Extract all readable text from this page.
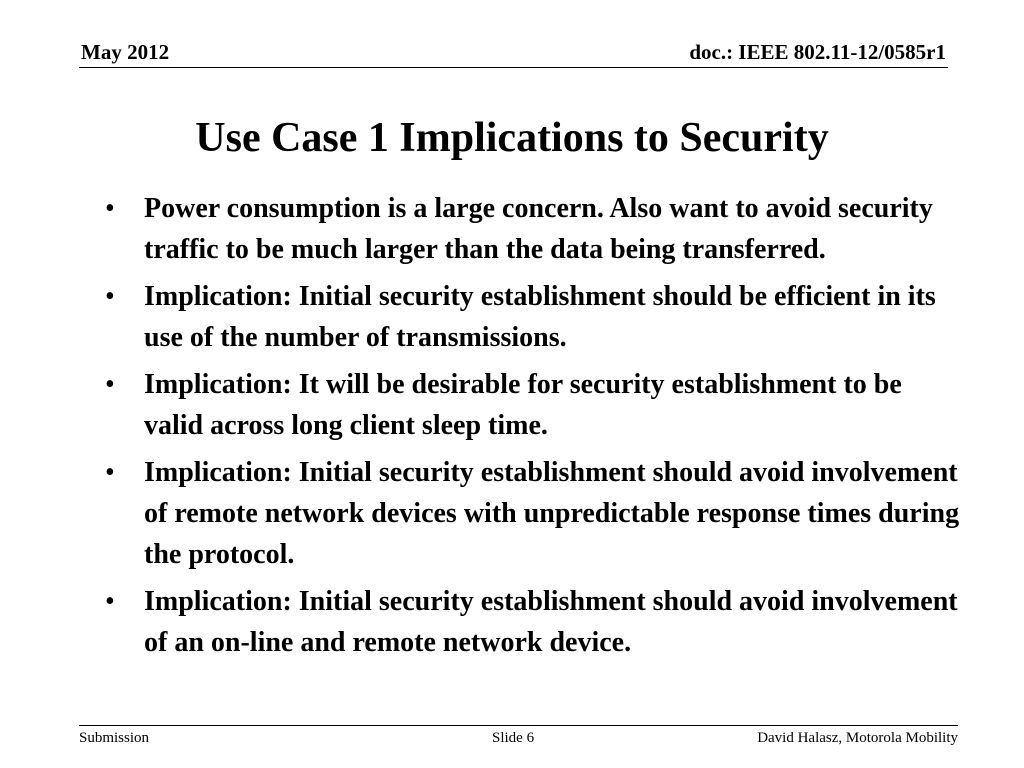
May 2012	doc.: IEEE 802.11-12/0585r1
Use Case 1 Implications to Security
• Power consumption is a large concern. Also want to avoid security traffic to be much larger than the data being transferred.
• Implication: Initial security establishment should be efficient in its use of the number of transmissions.
• Implication: It will be desirable for security establishment to be valid across long client sleep time.
• Implication: Initial security establishment should avoid involvement of remote network devices with unpredictable response times during the protocol.
• Implication: Initial security establishment should avoid involvement of an on-line and remote network device.
Submission	Slide 6	David Halasz, Motorola Mobility
